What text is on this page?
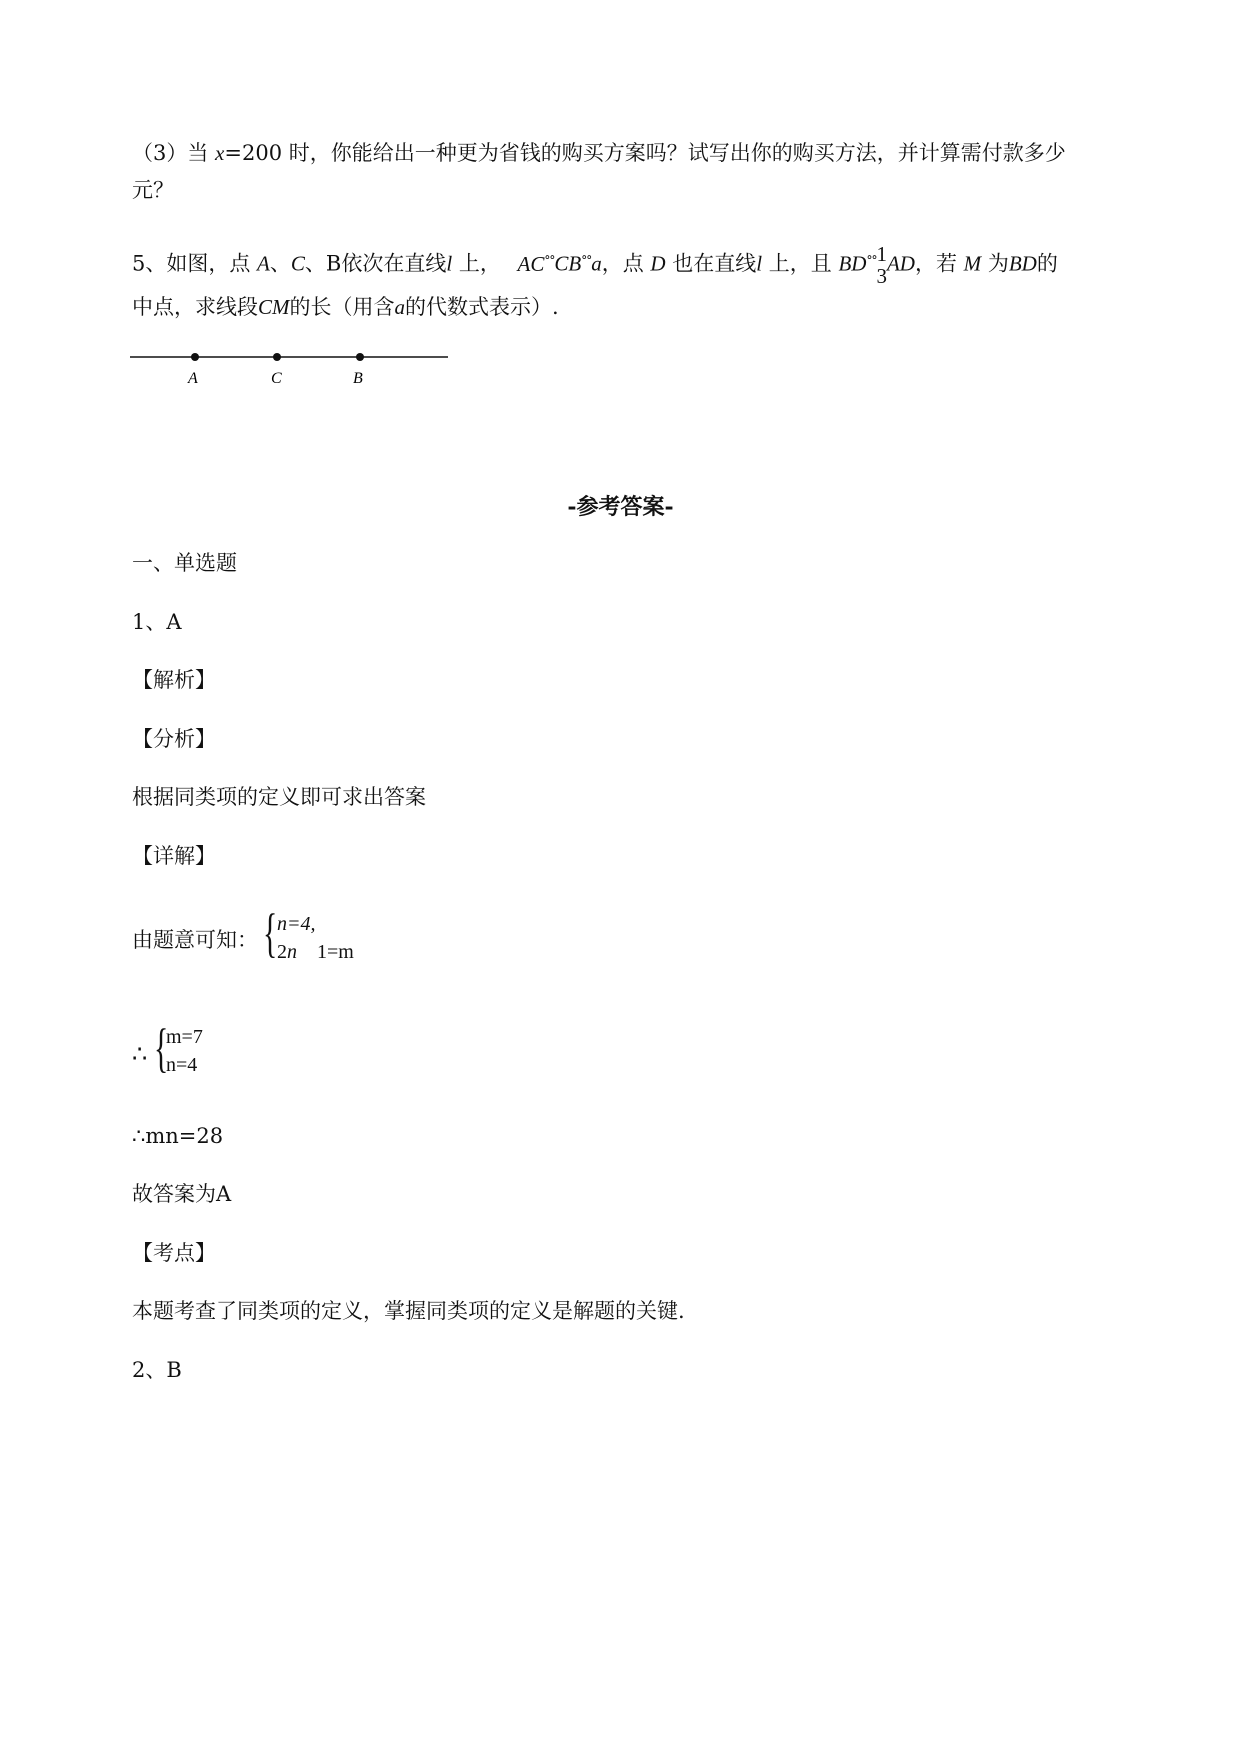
（3）当 x=200 时，你能给出一种更为省钱的购买方案吗？试写出你的购买方法，并计算需付款多少
元？
5、如图，点 A、C、B依次在直线l 上， AC°°CB°°a，点 D 也在直线l 上，且 BD°° 1
3
AD，若 M 为BD的
中点，求线段CM的长（用含a的代数式表示）.
A	C	B
-参考答案-
一、单选题
1、A
【解析】
【分析】
根据同类项的定义即可求出答案
【详解】
由题意可知： { n=4,
2n 1=m
∴ {
m=7
n=4
∴mn=28
故答案为A
【考点】
本题考查了同类项的定义，掌握同类项的定义是解题的关键.
2、B
